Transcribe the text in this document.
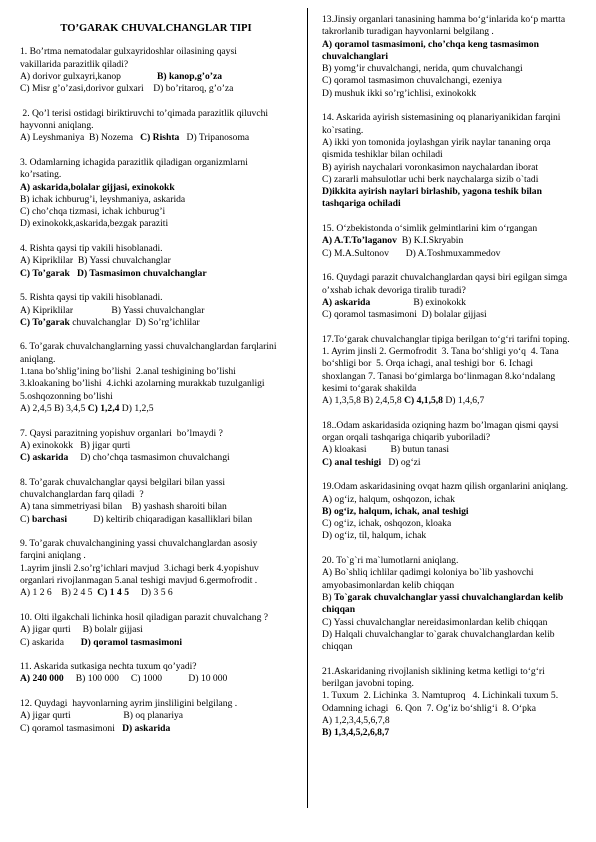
TO’GARAK CHUVALCHANGLAR TIPI
1. Bo’rtma nematodalar gulxayridoshlar oilasining qaysi
vakillarida parazitlik qiladi?
A) dorivor gulxayri,kanop               B) kanop,g’o’za
C) Misr g’o’zasi,dorivor gulxari    D) bo’ritaroq, g’o’za
2. Qo’l terisi ostidagi biriktiruvchi to’qimada parazitlik qiluvchi
hayvonni aniqlang.
A) Leyshmaniya  B) Nozema   C) Rishta   D) Tripanosoma
3. Odamlarning ichagida parazitlik qiladigan organizmlarni
ko’rsating.
A) askarida,bolalar gijjasi, exinokokk
B) ichak ichburug’i, leyshmaniya, askarida
C) cho’chqa tizmasi, ichak ichburug’i
D) exinokokk,askarida,bezgak paraziti
4. Rishta qaysi tip vakili hisoblanadi.
A) Kipriklilar  B) Yassi chuvalchanglar
C) To’garak D) Tasmasimon chuvalchanglar
5. Rishta qaysi tip vakili hisoblanadi.
A) Kipriklilar                B) Yassi chuvalchanglar
C) To’garak chuvalchanglar  D) So’rg’ichlilar
6. To’garak chuvalchanglarning yassi chuvalchanglardan farqlarini
aniqlang.
1.tana bo’shlig’ining bo’lishi  2.anal teshigining bo’lishi
3.kloakaning bo’lishi  4.ichki azolarning murakkab tuzulganligi
5.oshqozonning bo’lishi
A) 2,4,5 B) 3,4,5 C) 1,2,4 D) 1,2,5
7. Qaysi parazitning yopishuv organlari  bo’lmaydi ?
A) exinokokk   B) jigar qurti
C) askarida     D) cho’chqa tasmasimon chuvalchangi
8. To’garak chuvalchanglar qaysi belgilari bilan yassi
chuvalchanglardan farq qiladi  ?
A) tana simmetriyasi bilan    B) yashash sharoiti bilan
C) barchasi           D) keltirib chiqaradigan kasalliklari bilan
9. To’garak chuvalchangining yassi chuvalchanglardan asosiy
farqini aniqlang .
1.ayrim jinsli 2.so’rg’ichlari mavjud  3.ichagi berk 4.yopishuv
organlari rivojlanmagan 5.anal teshigi mavjud 6.germofrodit .
A) 1 2 6    B) 2 4 5  C) 1 4 5     D) 3 5 6
10. Olti ilgakchali lichinka hosil qiladigan parazit chuvalchang ?
A) jigar qurti     B) bolalr gijjasi
C) askarida       D) qoramol tasmasimoni
11. Askarida sutkasiga nechta tuxum qo’yadi?
A) 240 000     B) 100 000     C) 1000           D) 10 000
12. Quydagi  hayvonlarning ayrim jinsliligini belgilang .
A) jigar qurti                      B) oq planariya
C) qoramol tasmasimoni   D) askarida
13.Jinsiy organlari tanasining hamma bo‘g‘inlarida ko‘p martta
takrorlanib turadigan hayvonlarni belgilang .
A) qoramol tasmasimoni, cho’chqa keng tasmasimon
chuvalchanglari
B) yomg’ir chuvalchangi, nerida, qum chuvalchangi
C) qoramol tasmasimon chuvalchangi, ezeniya
D) mushuk ikki so’rg’ichlisi, exinokokk
14. Askarida ayirish sistemasining oq planariyanikidan farqini
ko`rsating.
A) ikki yon tomonida joylashgan yirik naylar tananing orqa
qismida teshiklar bilan ochiladi
B) ayirish naychalari voronkasimon naychalardan iborat
C) zararli mahsulotlar uchi berk naychalarga sizib o`tadi
D)ikkita ayirish naylari birlashib, yagona teshik bilan
tashqariga ochiladi
15. O‘zbekistonda o‘simlik gelmintlarini kim o‘rgangan
A) A.T.To’laganov  B) K.I.Skryabin
C) M.A.Sultonov       D) A.Toshmuxammedov
16. Quydagi parazit chuvalchanglardan qaysi biri egilgan simga
o’xshab ichak devoriga tiralib turadi?
A) askarida                  B) exinokokk
C) qoramol tasmasimoni  D) bolalar gijjasi
17.To‘garak chuvalchanglar tipiga berilgan to‘g‘ri tarifni toping.
1. Ayrim jinsli 2. Germofrodit  3. Tana bo‘shligi yo‘q  4. Tana
bo‘shligi bor  5. Orqa ichagi, anal teshigi bor  6. Ichagi
shoxlangan 7. Tanasi bo‘gimlarga bo‘linmagan 8.ko‘ndalang
kesimi to‘garak shakilda
A) 1,3,5,8 B) 2,4,5,8 C) 4,1,5,8 D) 1,4,6,7
18..Odam askaridasida oziqning hazm bo’lmagan qismi qaysi
organ orqali tashqariga chiqarib yuboriladi?
A) kloakasi          B) butun tanasi
C) anal teshigi   D) og‘zi
19.Odam askaridasining ovqat hazm qilish organlarini aniqlang.
A) og‘iz, halqum, oshqozon, ichak
B) og‘iz, halqum, ichak, anal teshigi
C) og‘iz, ichak, oshqozon, kloaka
D) og‘iz, til, halqum, ichak
20. To`g`ri ma`lumotlarni aniqlang.
A) Bo`shliq ichlilar qadimgi koloniya bo`lib yashovchi
amyobasimonlardan kelib chiqqan
B) To`garak chuvalchanglar yassi chuvalchanglardan kelib
chiqqan
C) Yassi chuvalchanglar nereidasimonlardan kelib chiqqan
D) Halqali chuvalchanglar to`garak chuvalchanglardan kelib
chiqqan
21.Askaridaning rivojlanish siklining ketma ketligi to‘g‘ri
berilgan javobni toping.
1. Tuxum  2. Lichinka  3. Namtuproq   4. Lichinkali tuxum 5.
Odamning ichagi   6. Qon  7. Og’iz bo‘shlig‘i  8. O‘pka
A) 1,2,3,4,5,6,7,8
B) 1,3,4,5,2,6,8,7
